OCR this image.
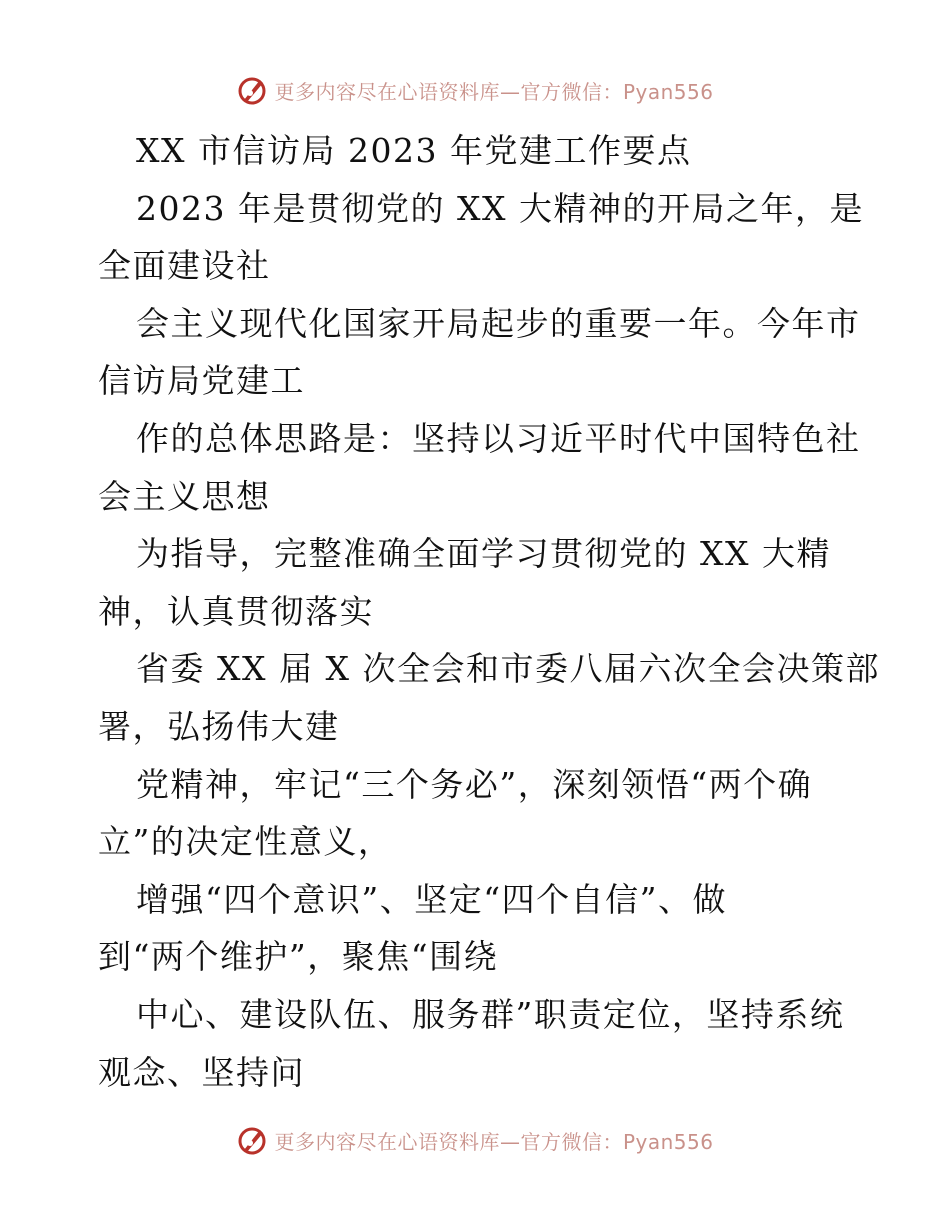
更多内容尽在心语资料库—官方微信：Pyan556
XX 市信访局 2023 年党建工作要点
2023 年是贯彻党的 XX 大精神的开局之年，是
全面建设社
会主义现代化国家开局起步的重要一年。今年市
信访局党建工
作的总体思路是：坚持以习近平时代中国特色社
会主义思想
为指导，完整准确全面学习贯彻党的 XX 大精
神，认真贯彻落实
省委 XX 届 X 次全会和市委八届六次全会决策部
署，弘扬伟大建
党精神，牢记“三个务必”，深刻领悟“两个确
立”的决定性意义，
增强“四个意识”、坚定“四个自信”、做
到“两个维护”，聚焦“围绕
中心、建设队伍、服务群”职责定位，坚持系统
观念、坚持问
更多内容尽在心语资料库—官方微信：Pyan556
